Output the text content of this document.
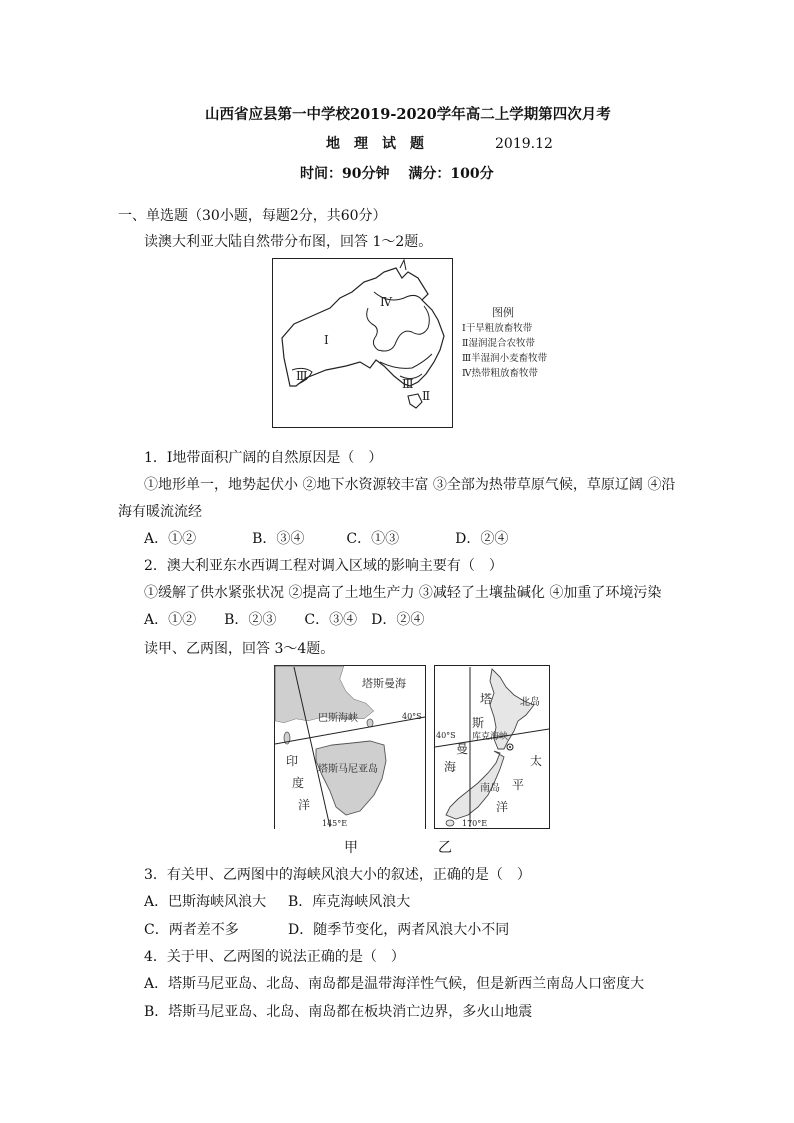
山西省应县第一中学校2019-2020学年高二上学期第四次月考
地　理　试　题	2019.12
时间：90分钟　 满分：100分
一、单选题（30小题，每题2分，共60分）
读澳大利亚大陆自然带分布图，回答 1～2题。
Ⅰ
Ⅱ
Ⅲ
Ⅲ
Ⅳ
图例
Ⅰ干旱粗放畜牧带
Ⅱ湿润混合农牧带
Ⅲ半湿润小麦畜牧带
Ⅳ热带粗放畜牧带
1．Ⅰ地带面积广阔的自然原因是（　）
①地形单一，地势起伏小 ②地下水资源较丰富 ③全部为热带草原气候，草原辽阔 ④沿
海有暖流流经
A．①②　　　　B．③④　　　C．①③　　　　D．②④
2．澳大利亚东水西调工程对调入区域的影响主要有（　）
①缓解了供水紧张状况 ②提高了土地生产力 ③减轻了土壤盐碱化 ④加重了环境污染
A．①②　　B．②③　　C．③④　D．②④
读甲、乙两图，回答 3～4题。
塔斯曼海
巴斯海峡	40°S
塔斯马尼亚岛
印
度
洋
145°E
塔
斯
曼
海
北岛
库克海峡
40°S
南岛
太
平
洋
170°E
甲	乙
3．有关甲、乙两图中的海峡风浪大小的叙述，正确的是（　）
A．巴斯海峡风浪大 B．库克海峡风浪大
C．两者差不多	D．随季节变化，两者风浪大小不同
4．关于甲、乙两图的说法正确的是（　）
A．塔斯马尼亚岛、北岛、南岛都是温带海洋性气候，但是新西兰南岛人口密度大
B．塔斯马尼亚岛、北岛、南岛都在板块消亡边界，多火山地震
